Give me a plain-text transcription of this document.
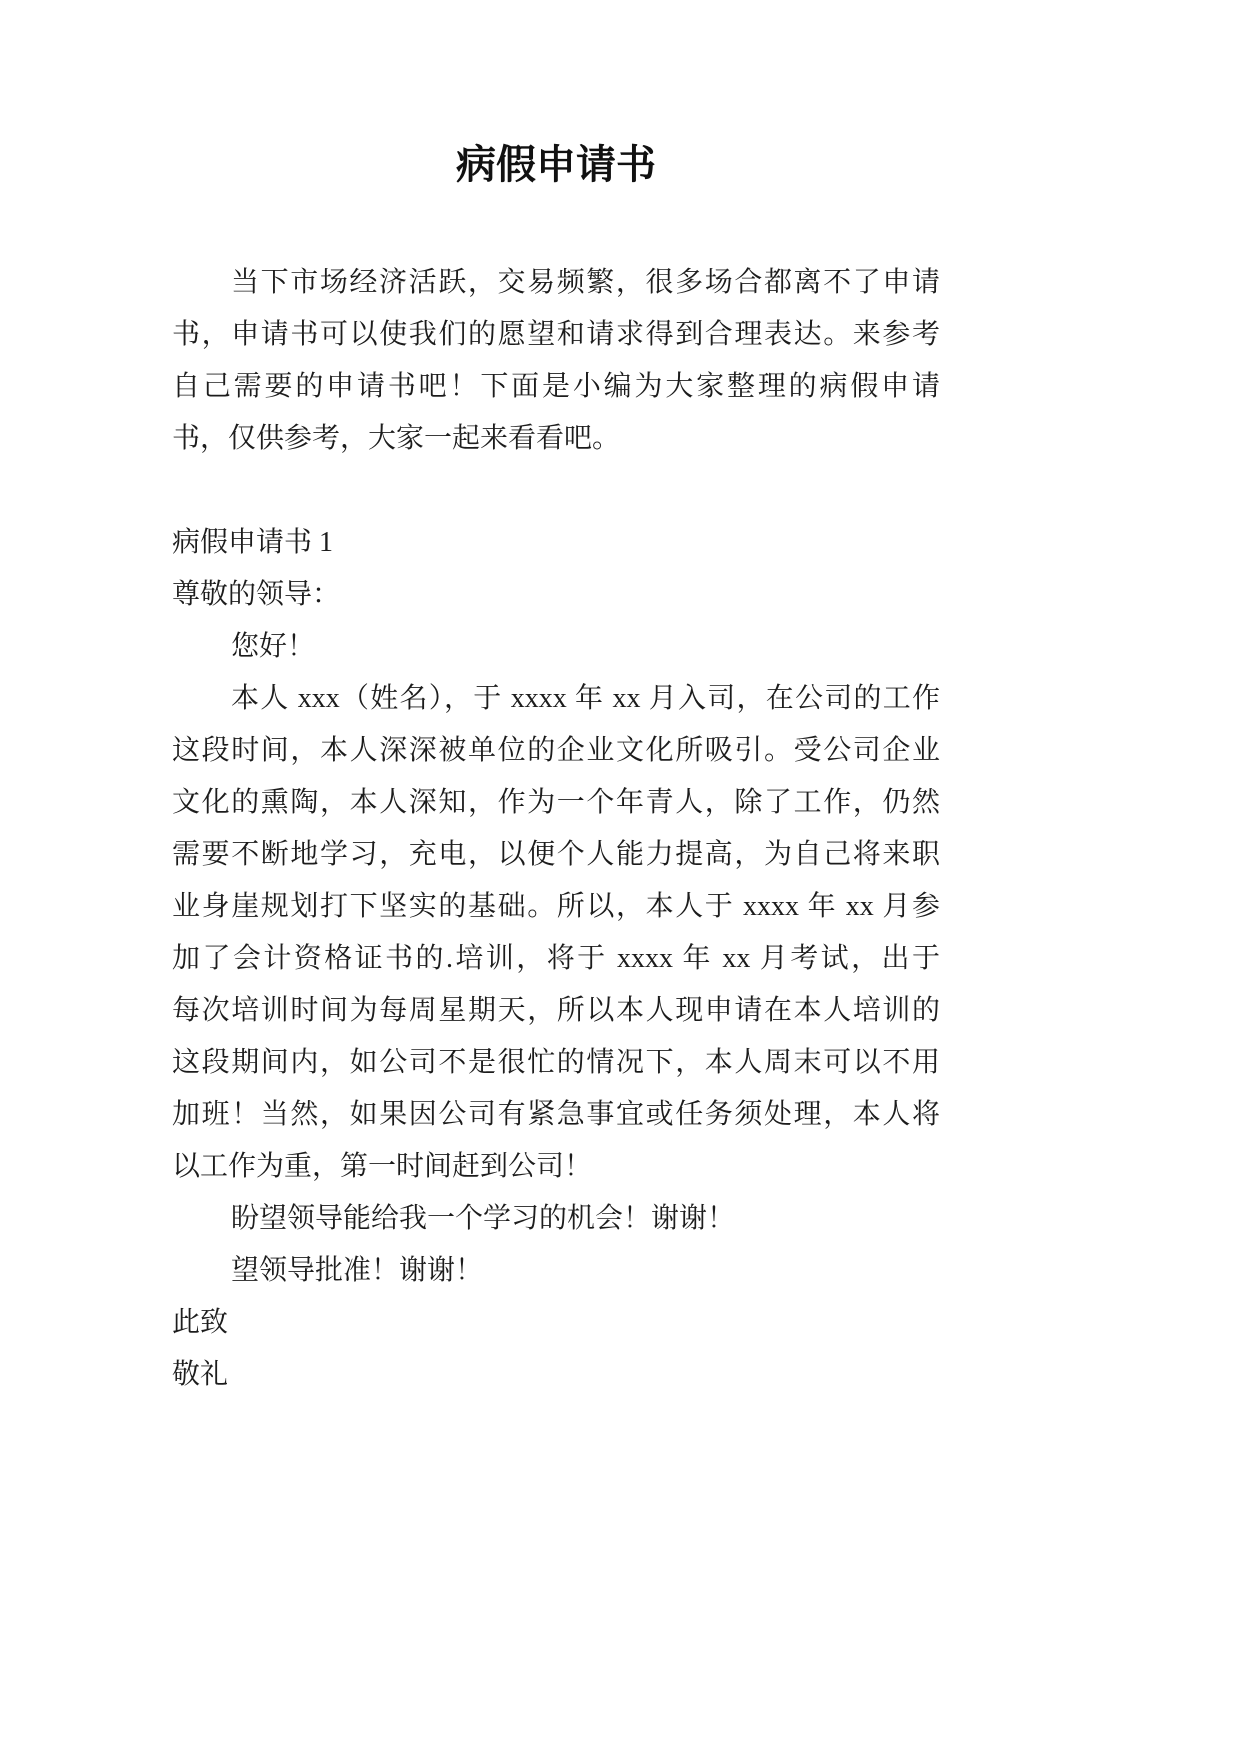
病假申请书
当下市场经济活跃，交易频繁，很多场合都离不了申请
书，申请书可以使我们的愿望和请求得到合理表达。来参考
自己需要的申请书吧！下面是小编为大家整理的病假申请
书，仅供参考，大家一起来看看吧。
病假申请书 1
尊敬的领导：
您好！
本人 xxx（姓名），于 xxxx 年 xx 月入司，在公司的工作
这段时间，本人深深被单位的企业文化所吸引。受公司企业
文化的熏陶，本人深知，作为一个年青人，除了工作，仍然
需要不断地学习，充电，以便个人能力提高，为自己将来职
业身崖规划打下坚实的基础。所以，本人于 xxxx 年 xx 月参
加了会计资格证书的.培训，将于 xxxx 年 xx 月考试，出于
每次培训时间为每周星期天，所以本人现申请在本人培训的
这段期间内，如公司不是很忙的情况下，本人周末可以不用
加班！当然，如果因公司有紧急事宜或任务须处理，本人将
以工作为重，第一时间赶到公司！
盼望领导能给我一个学习的机会！谢谢！
望领导批准！谢谢！
此致
敬礼
